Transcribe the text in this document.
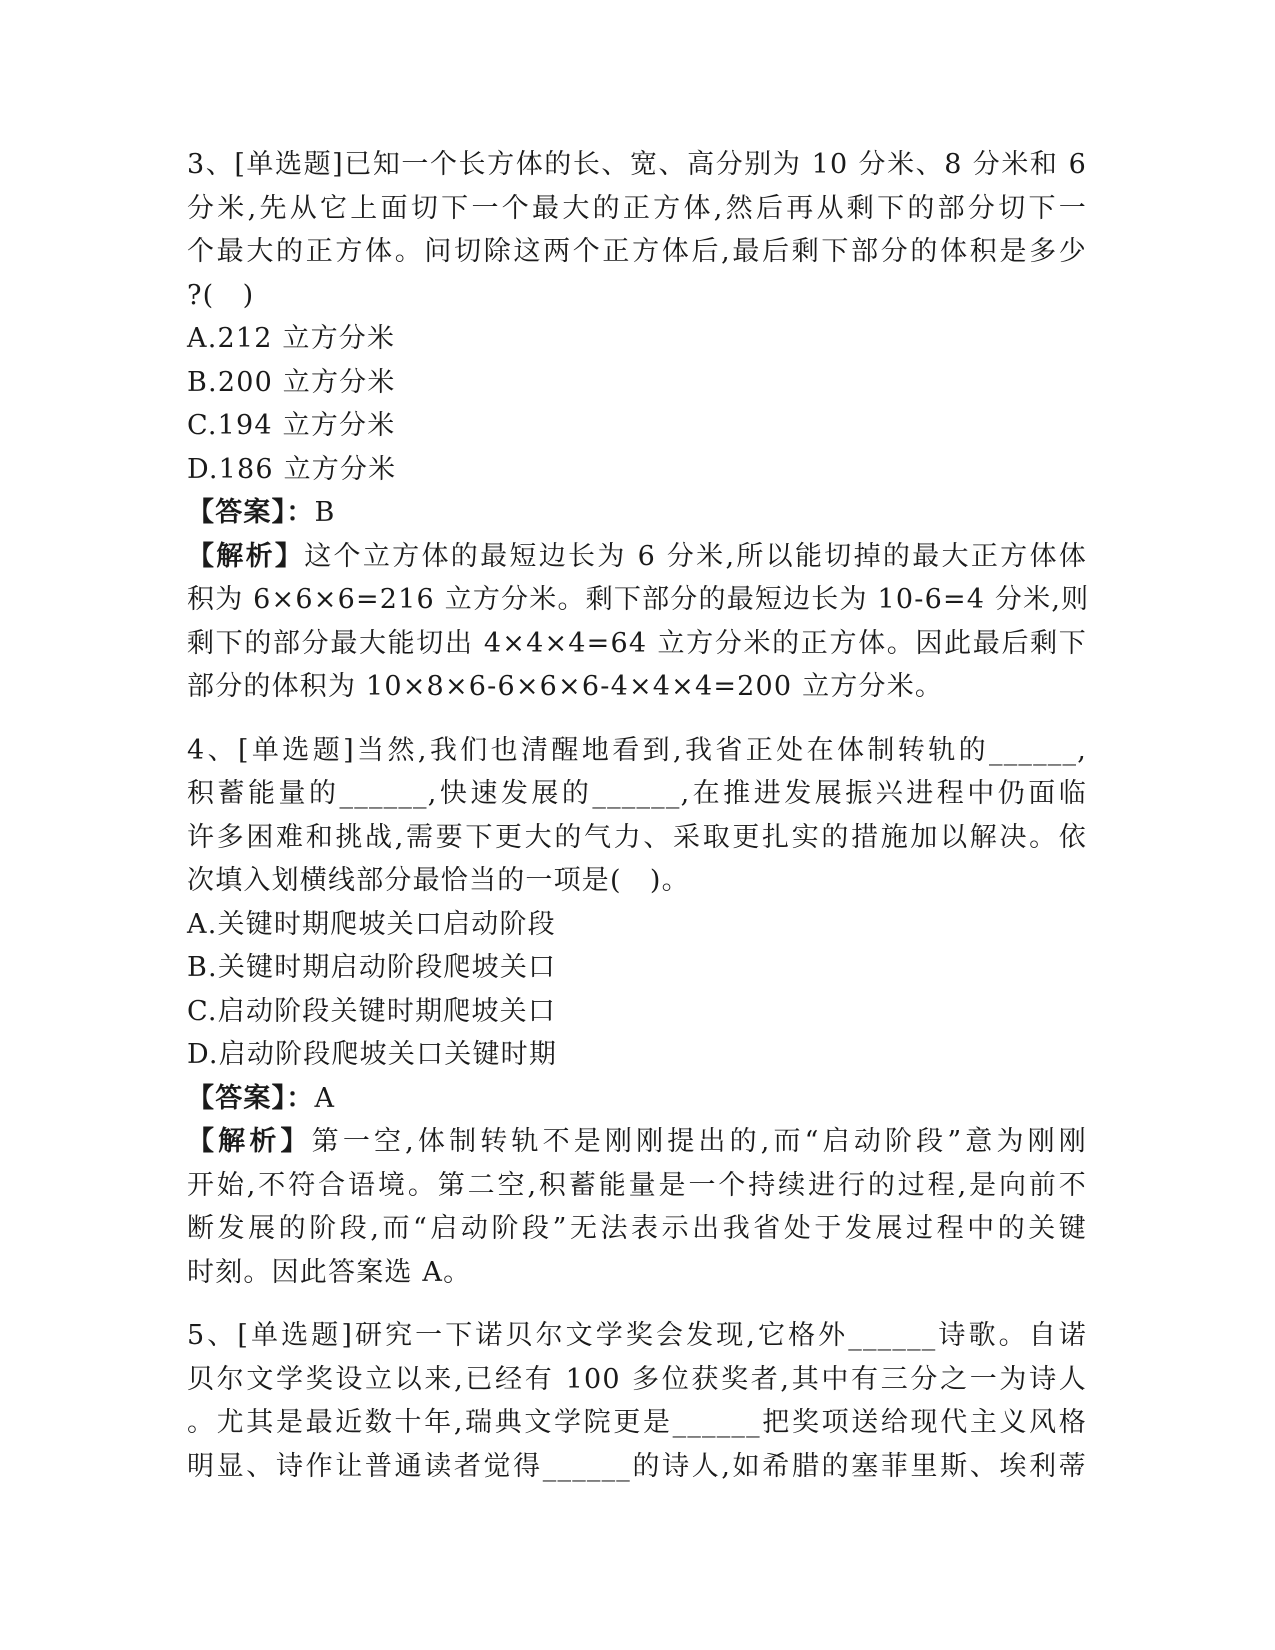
3、[单选题]已知一个长方体的长、宽、高分别为 10 分米、8 分米和 6
分米,先从它上面切下一个最大的正方体,然后再从剩下的部分切下一
个最大的正方体。问切除这两个正方体后,最后剩下部分的体积是多少
?(　)
A.212 立方分米
B.200 立方分米
C.194 立方分米
D.186 立方分米
【答案】：B
【解析】这个立方体的最短边长为 6 分米,所以能切掉的最大正方体体
积为 6×6×6=216 立方分米。剩下部分的最短边长为 10-6=4 分米,则
剩下的部分最大能切出 4×4×4=64 立方分米的正方体。因此最后剩下
部分的体积为 10×8×6-6×6×6-4×4×4=200 立方分米。
4、[单选题]当然,我们也清醒地看到,我省正处在体制转轨的______,
积蓄能量的______,快速发展的______,在推进发展振兴进程中仍面临
许多困难和挑战,需要下更大的气力、采取更扎实的措施加以解决。依
次填入划横线部分最恰当的一项是(　)。
A.关键时期爬坡关口启动阶段
B.关键时期启动阶段爬坡关口
C.启动阶段关键时期爬坡关口
D.启动阶段爬坡关口关键时期
【答案】：A
【解析】第一空,体制转轨不是刚刚提出的,而“启动阶段”意为刚刚
开始,不符合语境。第二空,积蓄能量是一个持续进行的过程,是向前不
断发展的阶段,而“启动阶段”无法表示出我省处于发展过程中的关键
时刻。因此答案选 A。
5、[单选题]研究一下诺贝尔文学奖会发现,它格外______诗歌。自诺
贝尔文学奖设立以来,已经有 100 多位获奖者,其中有三分之一为诗人
。尤其是最近数十年,瑞典文学院更是______把奖项送给现代主义风格
明显、诗作让普通读者觉得______的诗人,如希腊的塞菲里斯、埃利蒂
